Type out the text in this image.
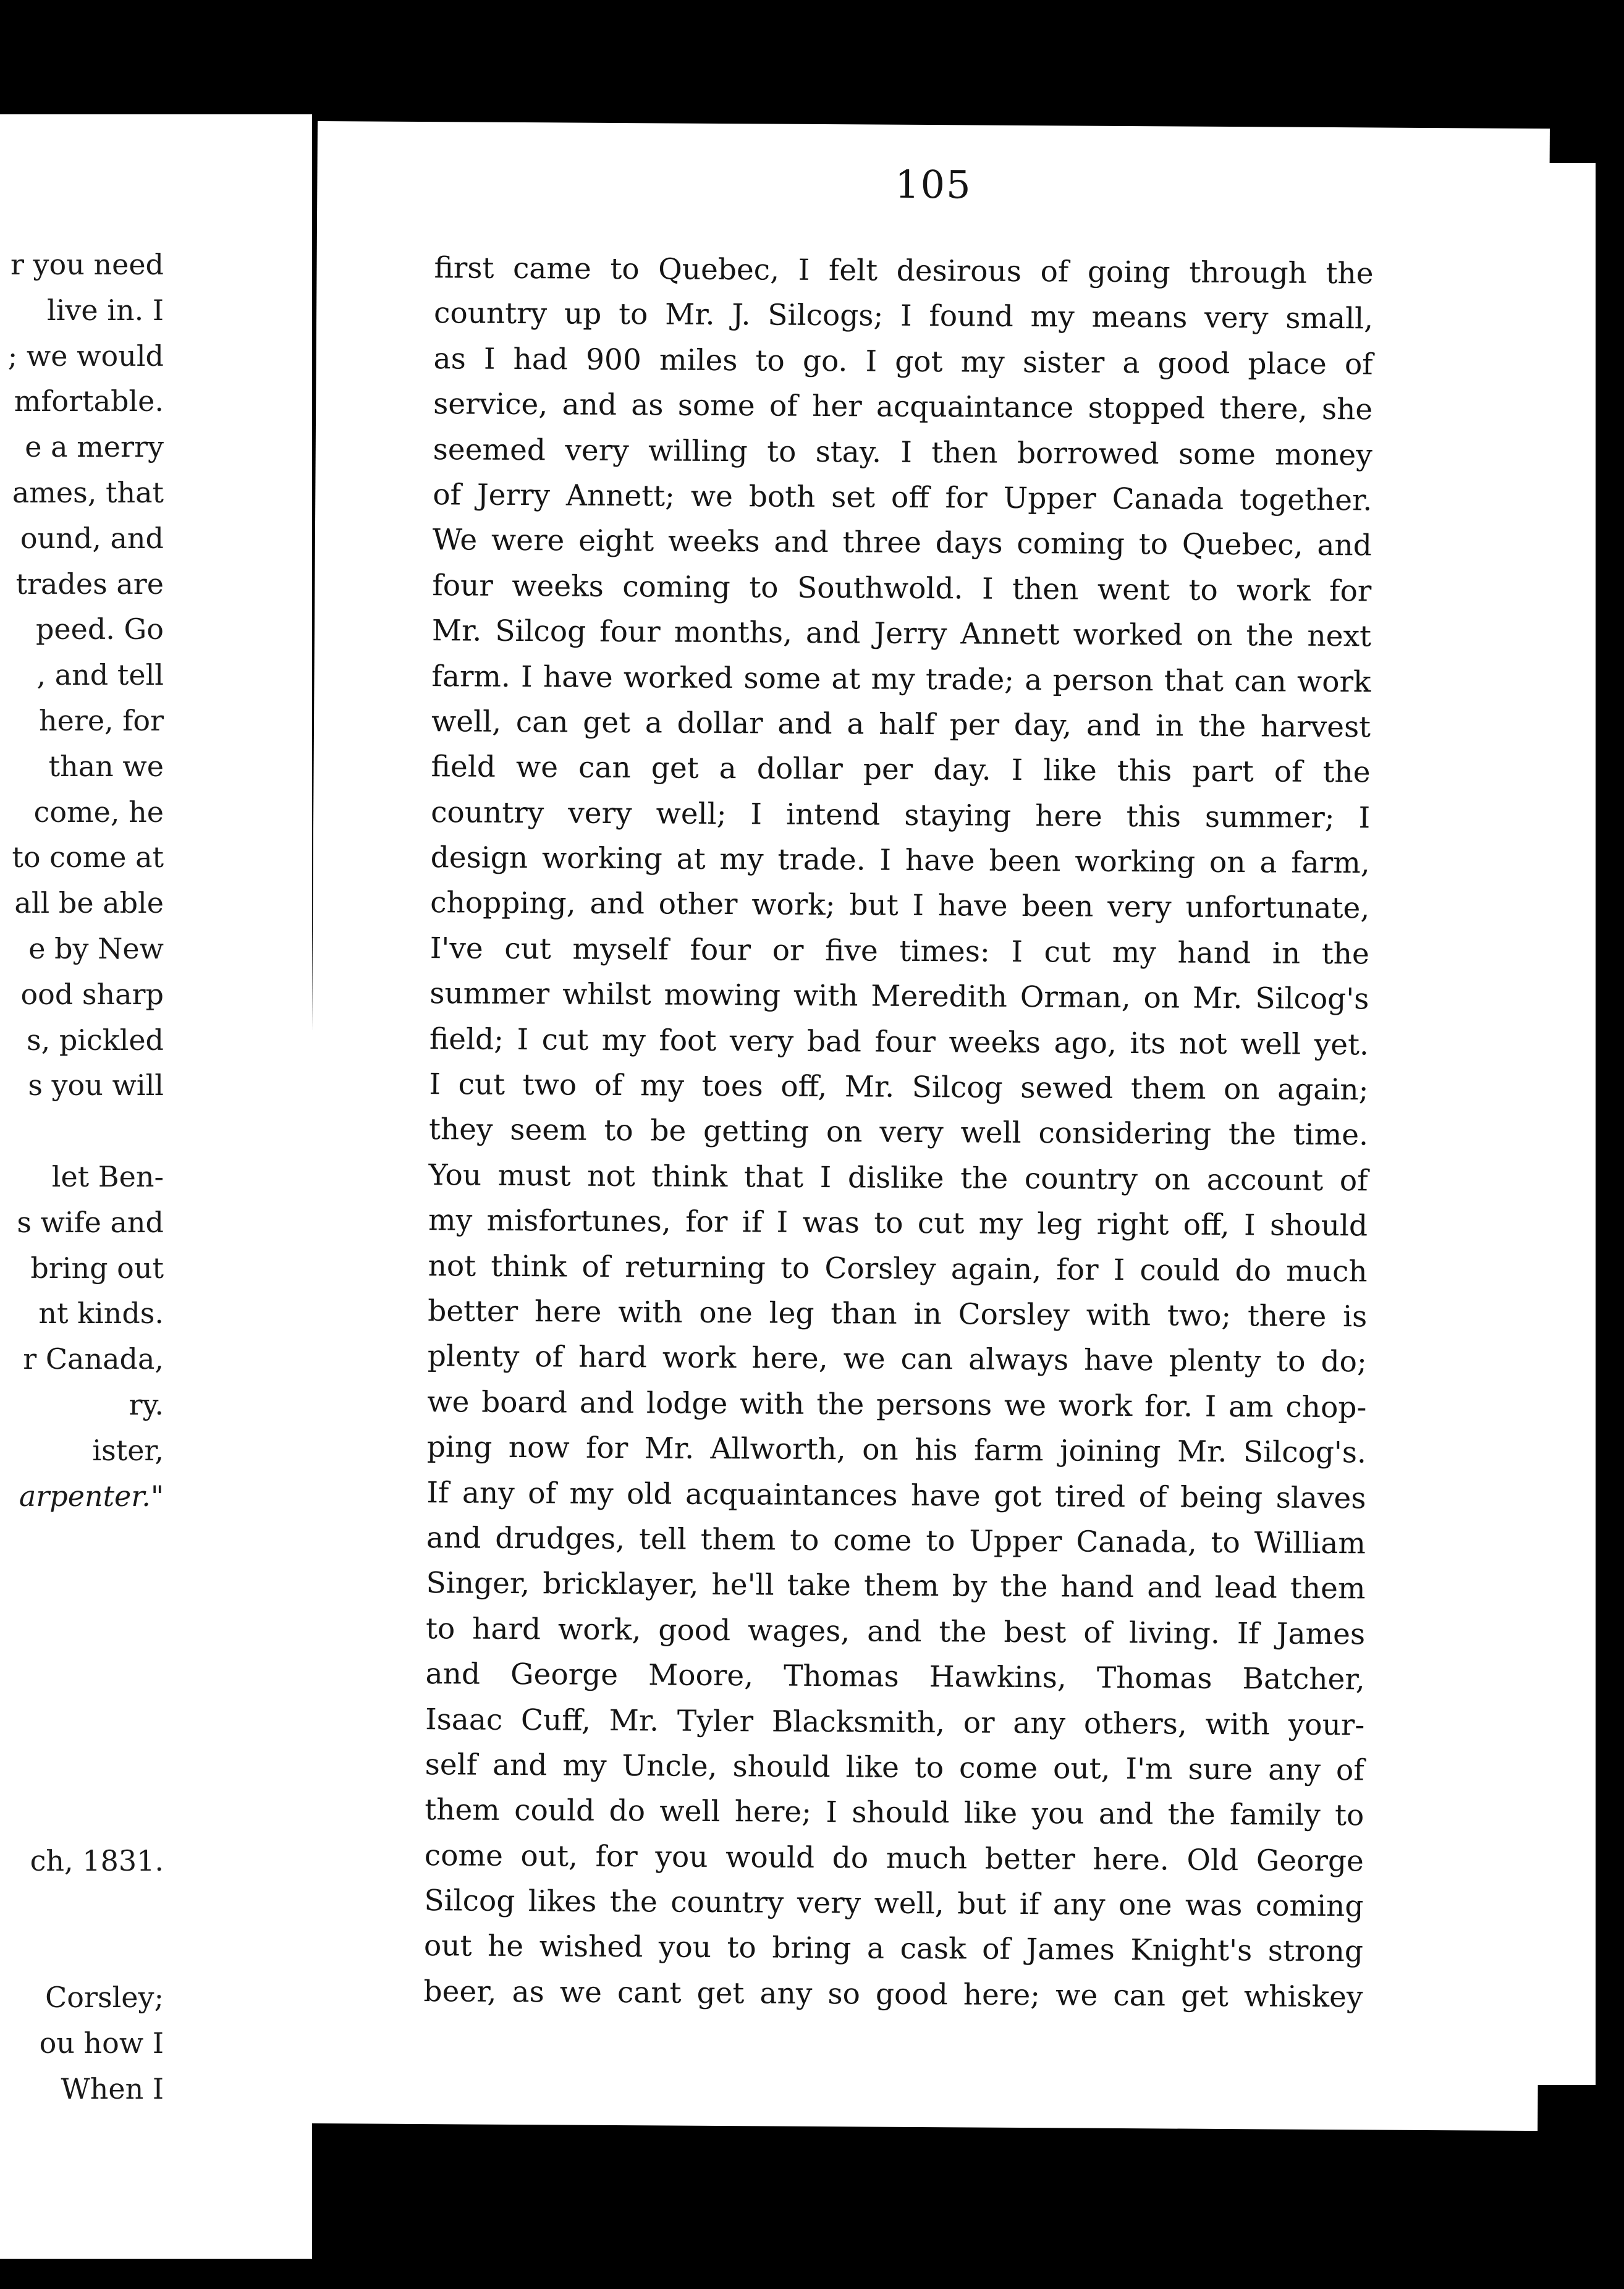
r you need
live in. I
; we would
mfortable.
e a merry
ames, that
ound, and
trades are
peed. Go
, and tell
here, for
than we
come, he
to come at
all be able
e by New
ood sharp
s, pickled
s you will

let Ben-
s wife and
bring out
nt kinds.
r Canada,
ry.
ister,
arpenter."

ch, 1831.

Corsley;
ou how I
When I
105
first came to Quebec, I felt desirous of going through the
country up to Mr. J. Silcogs; I found my means very small,
as I had 900 miles to go. I got my sister a good place of
service, and as some of her acquaintance stopped there, she
seemed very willing to stay. I then borrowed some money
of Jerry Annett; we both set off for Upper Canada together.
We were eight weeks and three days coming to Quebec, and
four weeks coming to Southwold. I then went to work for
Mr. Silcog four months, and Jerry Annett worked on the next
farm. I have worked some at my trade; a person that can work
well, can get a dollar and a half per day, and in the harvest
field we can get a dollar per day. I like this part of the
country very well; I intend staying here this summer; I
design working at my trade. I have been working on a farm,
chopping, and other work; but I have been very unfortunate,
I've cut myself four or five times: I cut my hand in the
summer whilst mowing with Meredith Orman, on Mr. Silcog's
field; I cut my foot very bad four weeks ago, its not well yet.
I cut two of my toes off, Mr. Silcog sewed them on again;
they seem to be getting on very well considering the time.
You must not think that I dislike the country on account of
my misfortunes, for if I was to cut my leg right off, I should
not think of returning to Corsley again, for I could do much
better here with one leg than in Corsley with two; there is
plenty of hard work here, we can always have plenty to do;
we board and lodge with the persons we work for. I am chop-
ping now for Mr. Allworth, on his farm joining Mr. Silcog's.
If any of my old acquaintances have got tired of being slaves
and drudges, tell them to come to Upper Canada, to William
Singer, bricklayer, he'll take them by the hand and lead them
to hard work, good wages, and the best of living. If James
and George Moore, Thomas Hawkins, Thomas Batcher,
Isaac Cuff, Mr. Tyler Blacksmith, or any others, with your-
self and my Uncle, should like to come out, I'm sure any of
them could do well here; I should like you and the family to
come out, for you would do much better here. Old George
Silcog likes the country very well, but if any one was coming
out he wished you to bring a cask of James Knight's strong
beer, as we cant get any so good here; we can get whiskey
